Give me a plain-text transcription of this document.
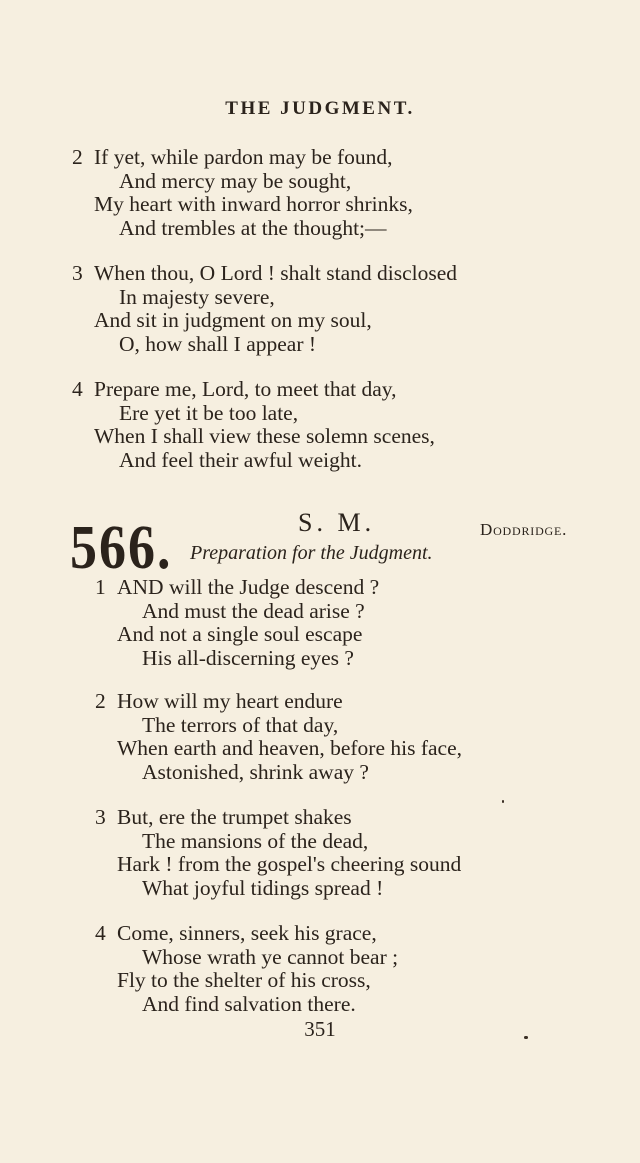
THE JUDGMENT.
2 If yet, while pardon may be found,
And mercy may be sought,
My heart with inward horror shrinks,
And trembles at the thought;—
3 When thou, O Lord ! shalt stand disclosed
In majesty severe,
And sit in judgment on my soul,
O, how shall I appear !
4 Prepare me, Lord, to meet that day,
Ere yet it be too late,
When I shall view these solemn scenes,
And feel their awful weight.
566.	S. M.	Doddridge.
Preparation for the Judgment.
1 AND will the Judge descend ?
And must the dead arise ?
And not a single soul escape
His all-discerning eyes ?
2 How will my heart endure
The terrors of that day,
When earth and heaven, before his face,
Astonished, shrink away ?
3 But, ere the trumpet shakes
The mansions of the dead,
Hark ! from the gospel's cheering sound
What joyful tidings spread !
4 Come, sinners, seek his grace,
Whose wrath ye cannot bear ;
Fly to the shelter of his cross,
And find salvation there.
351
